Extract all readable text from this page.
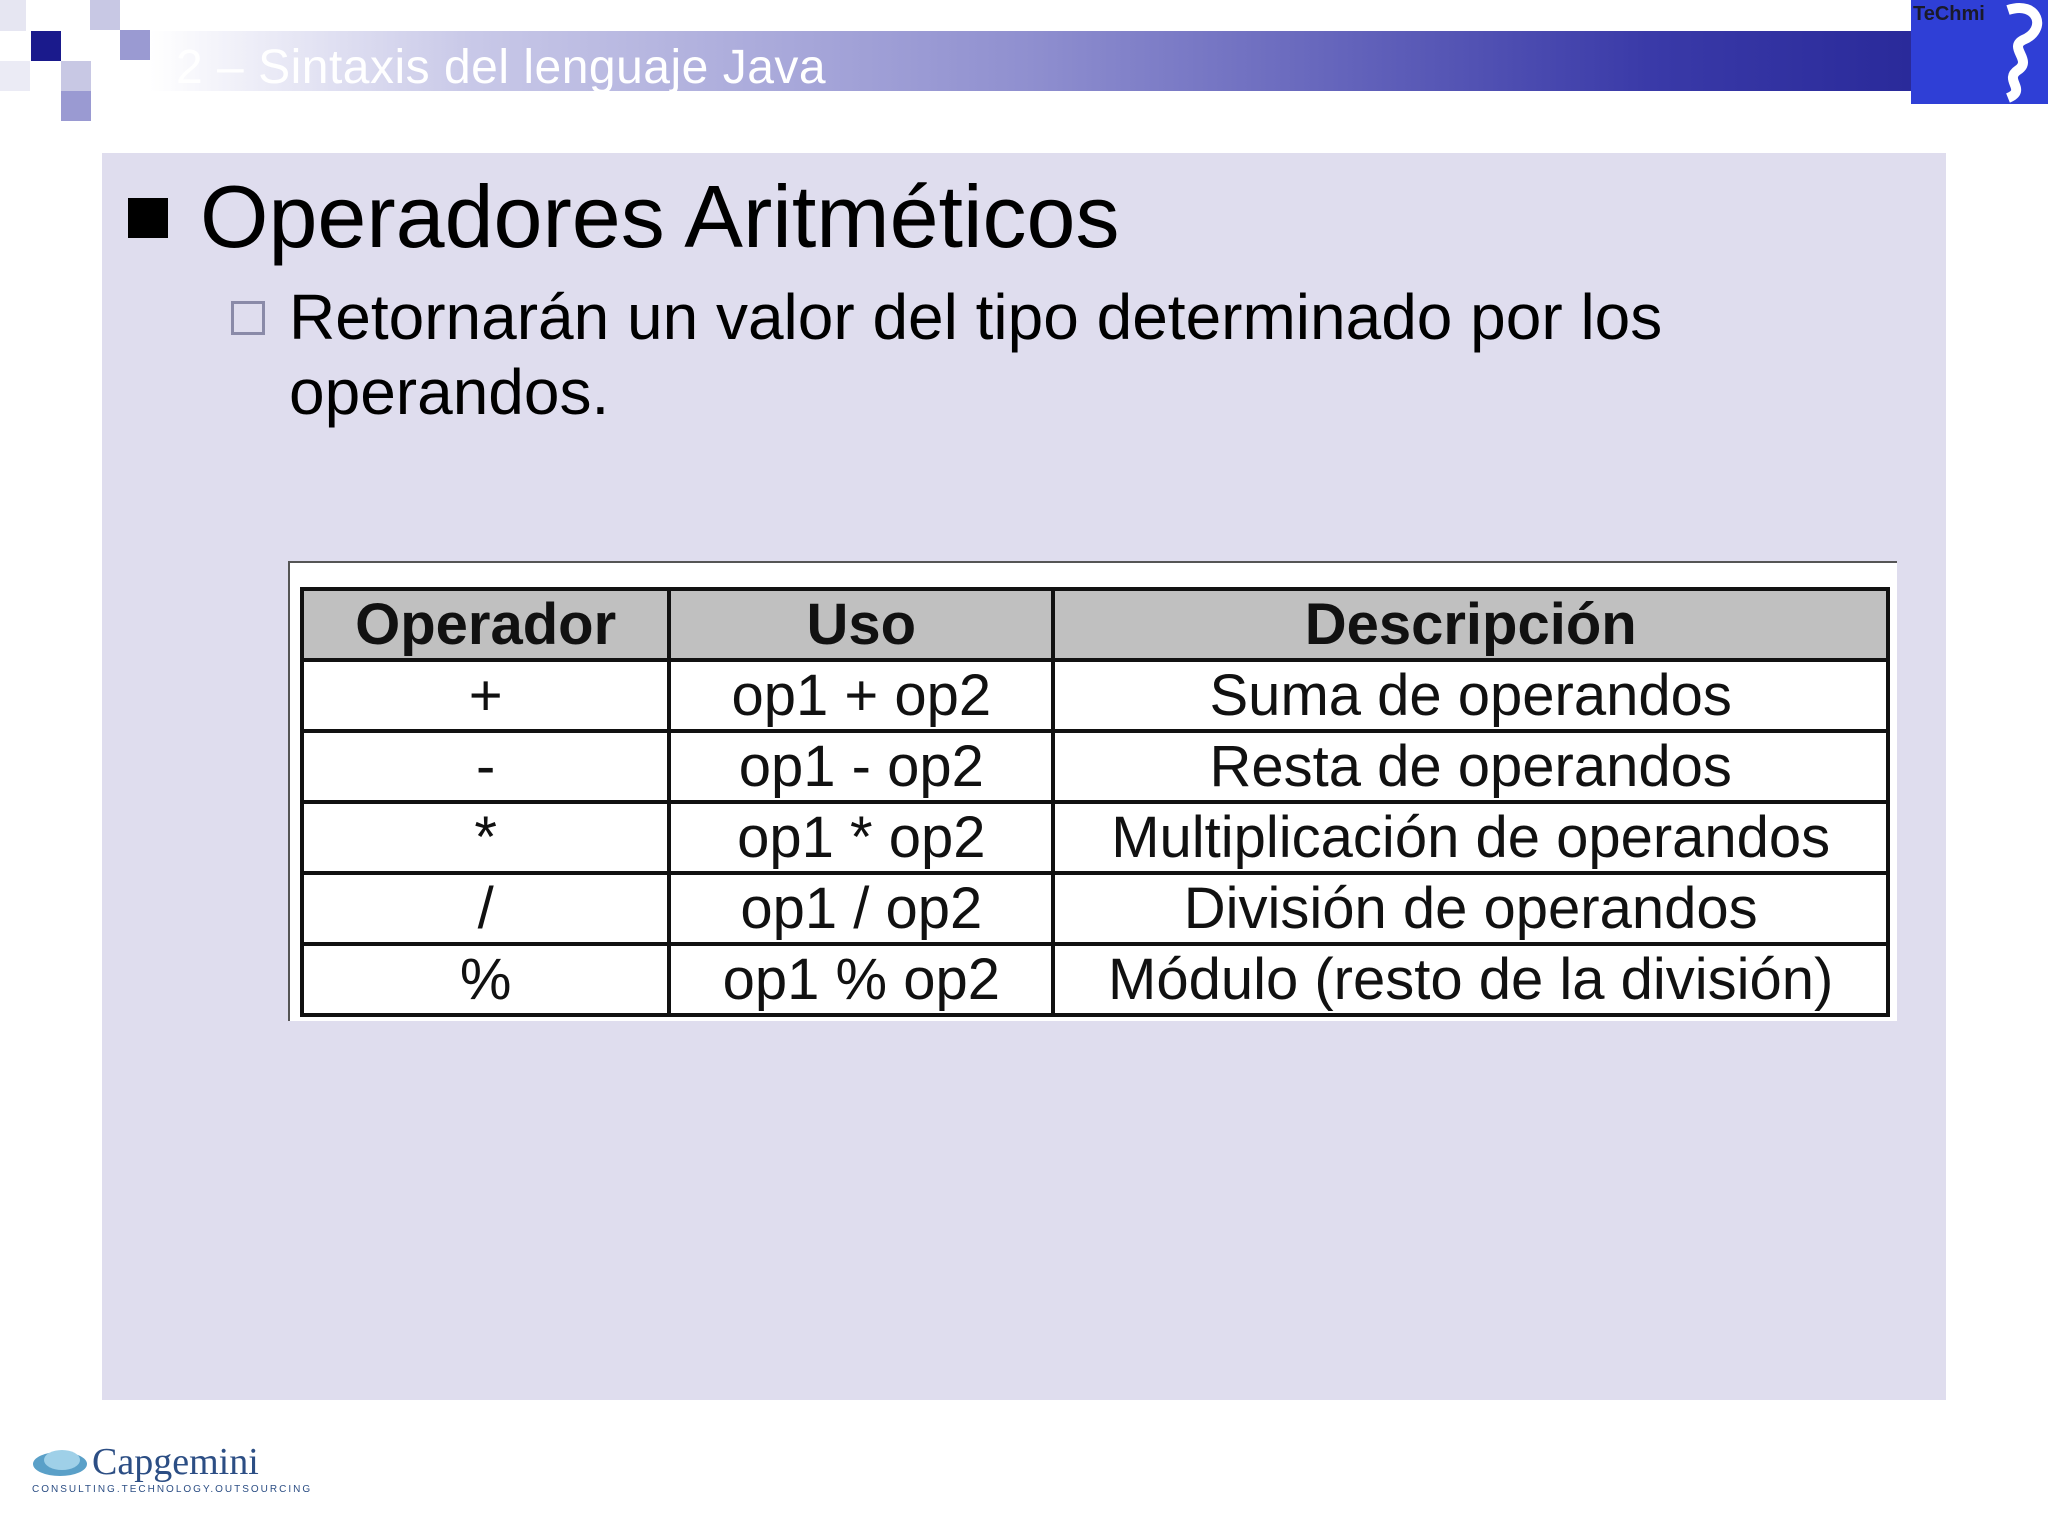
2 – Sintaxis del lenguaje Java
TeChmi
Operadores Aritméticos
Retornarán un valor del tipo determinado por los operandos.
Operador	Uso	Descripción
+	op1 + op2	Suma de operandos
-	op1 - op2	Resta de operandos
*	op1 * op2	Multiplicación de operandos
/	op1 / op2	División de operandos
%	op1 % op2	Módulo (resto de la división)
Capgemini
CONSULTING.TECHNOLOGY.OUTSOURCING
